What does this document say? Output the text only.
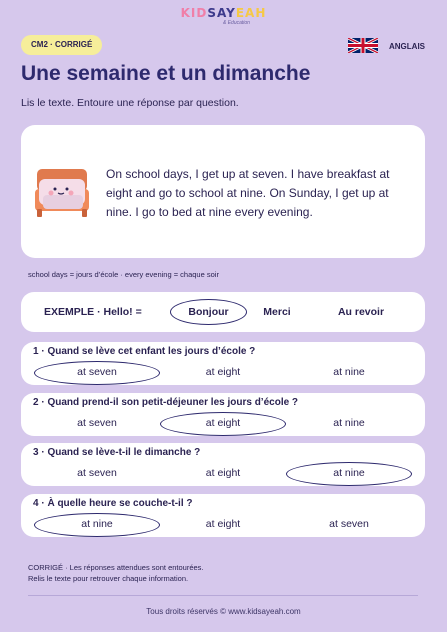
KIDSAYEAH
& Education
CM2 · CORRIGÉ	ANGLAIS
Une semaine et un dimanche
Lis le texte. Entoure une réponse par question.

On school days, I get up at seven. I have breakfast at eight and go to school at nine. On Sunday, I get up at nine. I go to bed at nine every evening.

school days = jours d’école · every evening = chaque soir
EXEMPLE · Hello! =	Bonjour	Merci	Au revoir
1 · Quand se lève cet enfant les jours d’école ?
at seven	at eight	at nine
2 · Quand prend-il son petit-déjeuner les jours d’école ?
at seven	at eight	at nine
3 · Quand se lève-t-il le dimanche ?
at seven	at eight	at nine
4 · À quelle heure se couche-t-il ?
at nine	at eight	at seven
CORRIGÉ · Les réponses attendues sont entourées.
Relis le texte pour retrouver chaque information.
Tous droits réservés © www.kidsayeah.com
